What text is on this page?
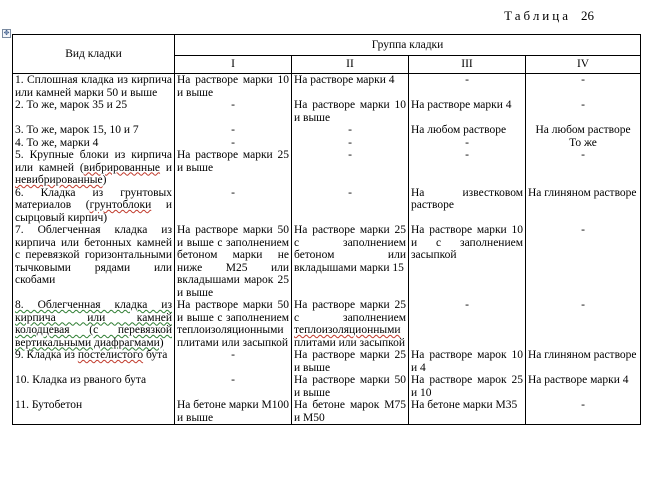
Таблица 26
✥
Вид кладки	Группа кладки			
	I	II	III	IV
1. Сплошная кладка из кирпича или камней марки 50 и выше	На растворе марки 10 и выше	На растворе марки 4	-	-
2. То же, марок 35 и 25	-	На растворе марки 10 и выше	На растворе марки 4	-
3. То же, марок 15, 10 и 7	-	-	На любом растворе	На любом растворе
4. То же, марки 4	-	-	-	То же
5. Крупные блоки из кирпича или камней (вибрированные и невибрированные)	На растворе марки 25 и выше	-	-	-
6. Кладка из грунтовых материалов (грунтоблоки и сырцовый кирпич)	-	-	На известковом растворе	На глиняном растворе
7. Облегченная кладка из кирпича или бетонных камней с перевязкой горизонтальными тычковыми рядами или скобами	На растворе марки 50 и выше с заполнением бетоном марки не ниже М25 или вкладышами марок 25 и выше	На растворе марки 25 с заполнением бетоном или вкладышами марки 15	На растворе марки 10 и с заполнением засыпкой	-
8. Облегченная кладка из кирпича или камней колодцевая (с перевязкой вертикальными диафрагмами)	На растворе марки 50 и выше с заполнением теплоизоляционными плитами или засыпкой	На растворе марки 25 с заполнением теплоизоляционными плитами или засыпкой	-	-
9. Кладка из постелистого бута	-	На растворе марки 25 и выше	На растворе марок 10 и 4	На глиняном растворе
10. Кладка из рваного бута	-	На растворе марки 50 и выше	На растворе марок 25 и 10	На растворе марки 4
11. Бутобетон	На бетоне марки М100 и выше	На бетоне марок М75 и М50	На бетоне марки М35	-
